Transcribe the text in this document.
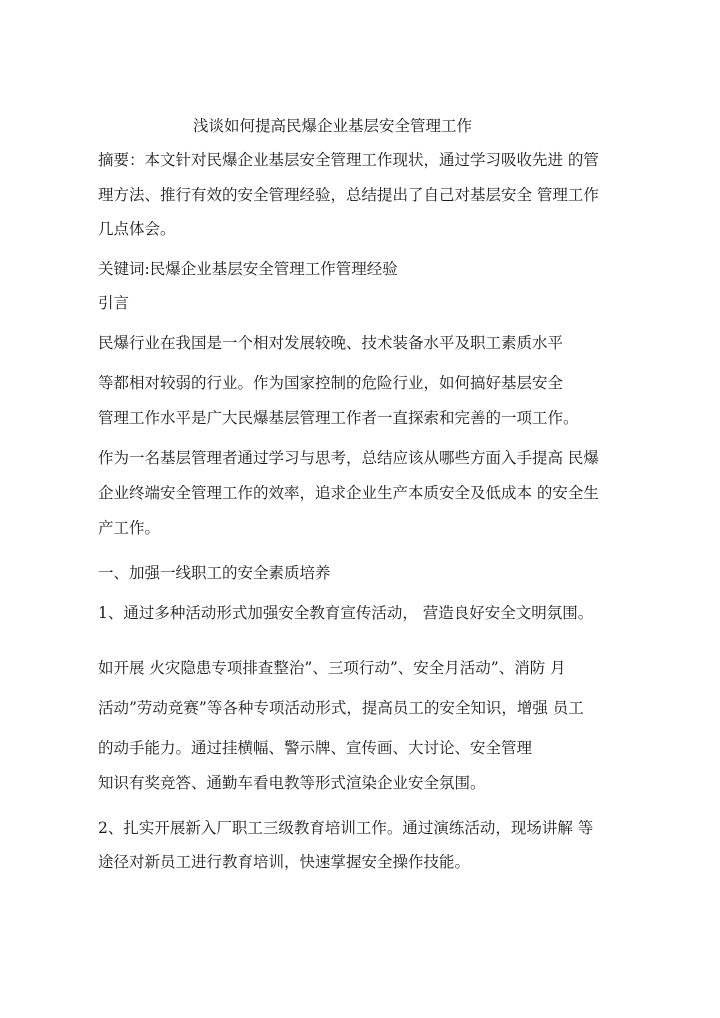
浅谈如何提高民爆企业基层安全管理工作
摘要：本文针对民爆企业基层安全管理工作现状，通过学习吸收先进 的管
理方法、推行有效的安全管理经验，总结提出了自己对基层安全 管理工作
几点体会。
关键词:民爆企业基层安全管理工作管理经验
引言
民爆行业在我国是一个相对发展较晚、技术装备水平及职工素质水平
等都相对较弱的行业。作为国家控制的危险行业，如何搞好基层安全
管理工作水平是广大民爆基层管理工作者一直探索和完善的一项工作。
作为一名基层管理者通过学习与思考，总结应该从哪些方面入手提高 民爆
企业终端安全管理工作的效率，追求企业生产本质安全及低成本 的安全生
产工作。
一、加强一线职工的安全素质培养
1、通过多种活动形式加强安全教育宣传活动， 营造良好安全文明氛围。
如开展 火灾隐患专项排查整治”、三项行动”、安全月活动”、消防 月
活动”劳动竞赛”等各种专项活动形式，提高员工的安全知识，增强 员工
的动手能力。通过挂横幅、警示牌、宣传画、大讨论、安全管理
知识有奖竞答、通勤车看电教等形式渲染企业安全氛围。
2、扎实开展新入厂职工三级教育培训工作。通过演练活动，现场讲解 等
途径对新员工进行教育培训，快速掌握安全操作技能。
